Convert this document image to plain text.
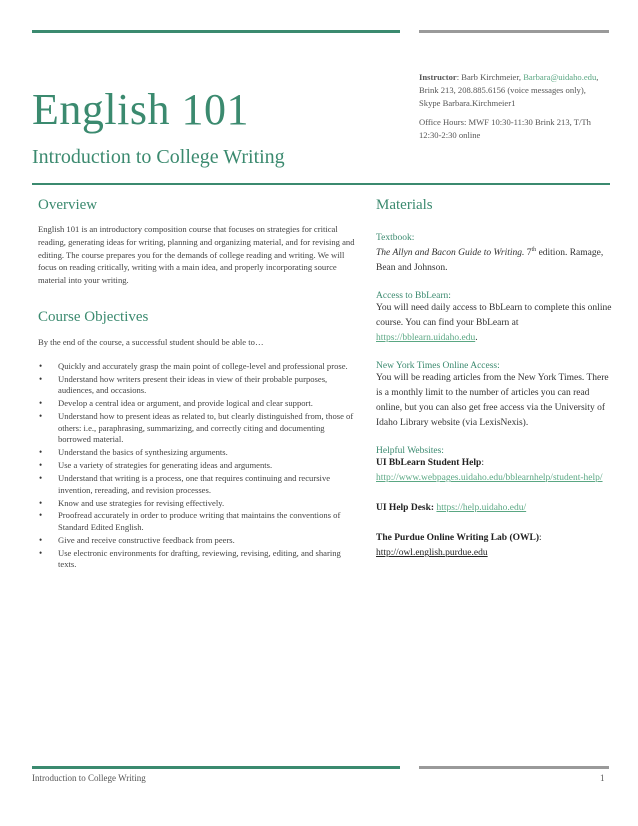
Instructor: Barb Kirchmeier, Barbara@uidaho.edu,

Brink 213, 208.885.6156 (voice messages only),

Skype Barbara.Kirchmeier1

Office Hours: MWF 10:30-11:30 Brink 213, T/Th

12:30-2:30 online

English 101
Introduction to College Writing
Overview

English 101 is an introductory composition course that focuses on strategies for critical reading, generating ideas for writing, planning and organizing material, and for revising and editing. The course prepares you for the demands of college reading and writing. We will focus on reading critically, writing with a main idea, and properly incorporating source material into your writing.

Course Objectives

By the end of the course, a successful student should be able to…

• Quickly and accurately grasp the main point of college-level and professional prose.
• Understand how writers present their ideas in view of their probable purposes, audiences, and occasions.
• Develop a central idea or argument, and provide logical and clear support.
• Understand how to present ideas as related to, but clearly distinguished from, those of others: i.e., paraphrasing, summarizing, and correctly citing and documenting borrowed material.
• Understand the basics of synthesizing arguments.
• Use a variety of strategies for generating ideas and arguments.
• Understand that writing is a process, one that requires continuing and recursive invention, rereading, and revision processes.
• Know and use strategies for revising effectively.
• Proofread accurately in order to produce writing that maintains the conventions of Standard Edited English.
• Give and receive constructive feedback from peers.
• Use electronic environments for drafting, reviewing, revising, editing, and sharing texts.
Materials

Textbook:

The Allyn and Bacon Guide to Writing. 7th edition. Ramage, Bean and Johnson.

Access to BbLearn:

You will need daily access to BbLearn to complete this online course. You can find your BbLearn at https://bblearn.uidaho.edu.

New York Times Online Access:

You will be reading articles from the New York Times. There is a monthly limit to the number of articles you can read online, but you can also get free access via the University of Idaho Library website (via LexisNexis).

Helpful Websites:

UI BbLearn Student Help:

http://www.webpages.uidaho.edu/bblearnhelp/student-help/

UI Help Desk: https://help.uidaho.edu/

The Purdue Online Writing Lab (OWL):

http://owl.english.purdue.edu

Introduction to College Writing	1
